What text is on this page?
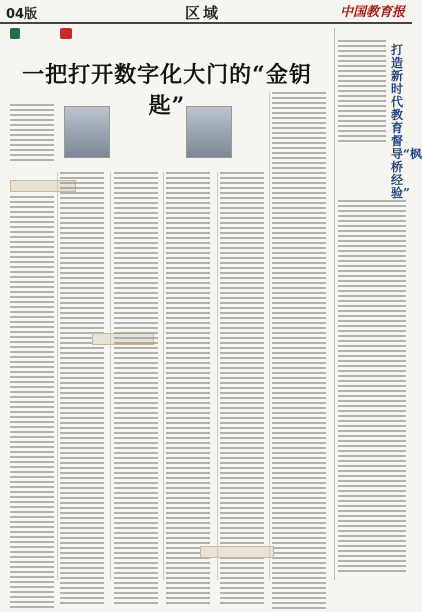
04版	区域	中国教育报
一把打开数字化大门的“金钥匙”
打造新时代教育督导“枫桥经验”
